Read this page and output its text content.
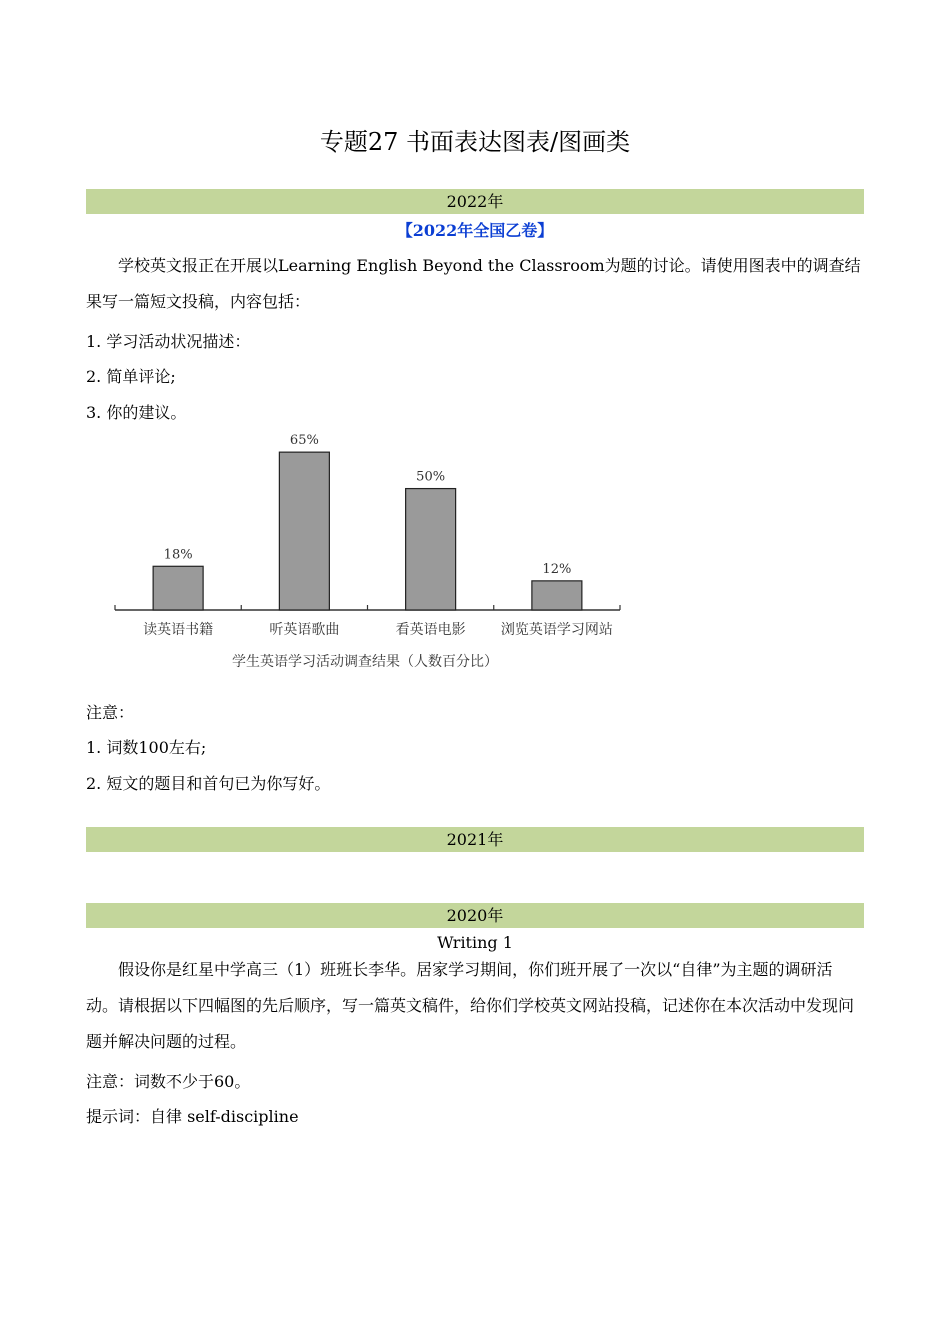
专题27 书面表达图表/图画类
2022年
【2022年全国乙卷】

学校英文报正在开展以Learning English Beyond the Classroom为题的讨论。请使用图表中的调查结果写一篇短文投稿，内容包括：

1. 学习活动状况描述：

2. 简单评论;

3. 你的建议。

18%
读英语书籍
65%
听英语歌曲
50%
看英语电影
12%
浏览英语学习网站
学生英语学习活动调查结果（人数百分比）

注意：

1. 词数100左右;

2. 短文的题目和首句已为你写好。

2021年
2020年
Writing 1

假设你是红星中学高三（1）班班长李华。居家学习期间，你们班开展了一次以“自律”为主题的调研活动。请根据以下四幅图的先后顺序，写一篇英文稿件，给你们学校英文网站投稿，记述你在本次活动中发现问题并解决问题的过程。

注意：词数不少于60。

提示词：自律 self-discipline
